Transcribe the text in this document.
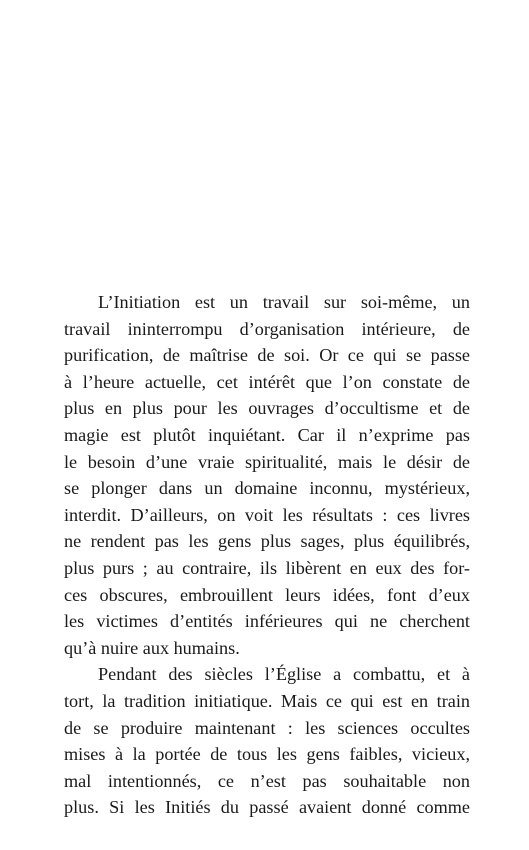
L’Initiation est un travail sur soi-même, un
travail ininterrompu d’organisation intérieure, de
purification, de maîtrise de soi. Or ce qui se passe
à l’heure actuelle, cet intérêt que l’on constate de
plus en plus pour les ouvrages d’occultisme et de
magie est plutôt inquiétant. Car il n’exprime pas
le besoin d’une vraie spiritualité, mais le désir de
se plonger dans un domaine inconnu, mystérieux,
interdit. D’ailleurs, on voit les résultats : ces livres
ne rendent pas les gens plus sages, plus équilibrés,
plus purs ; au contraire, ils libèrent en eux des for-
ces obscures, embrouillent leurs idées, font d’eux
les victimes d’entités inférieures qui ne cherchent
qu’à nuire aux humains.
Pendant des siècles l’Église a combattu, et à
tort, la tradition initiatique. Mais ce qui est en train
de se produire maintenant : les sciences occultes
mises à la portée de tous les gens faibles, vicieux,
mal intentionnés, ce n’est pas souhaitable non
plus. Si les Initiés du passé avaient donné comme
